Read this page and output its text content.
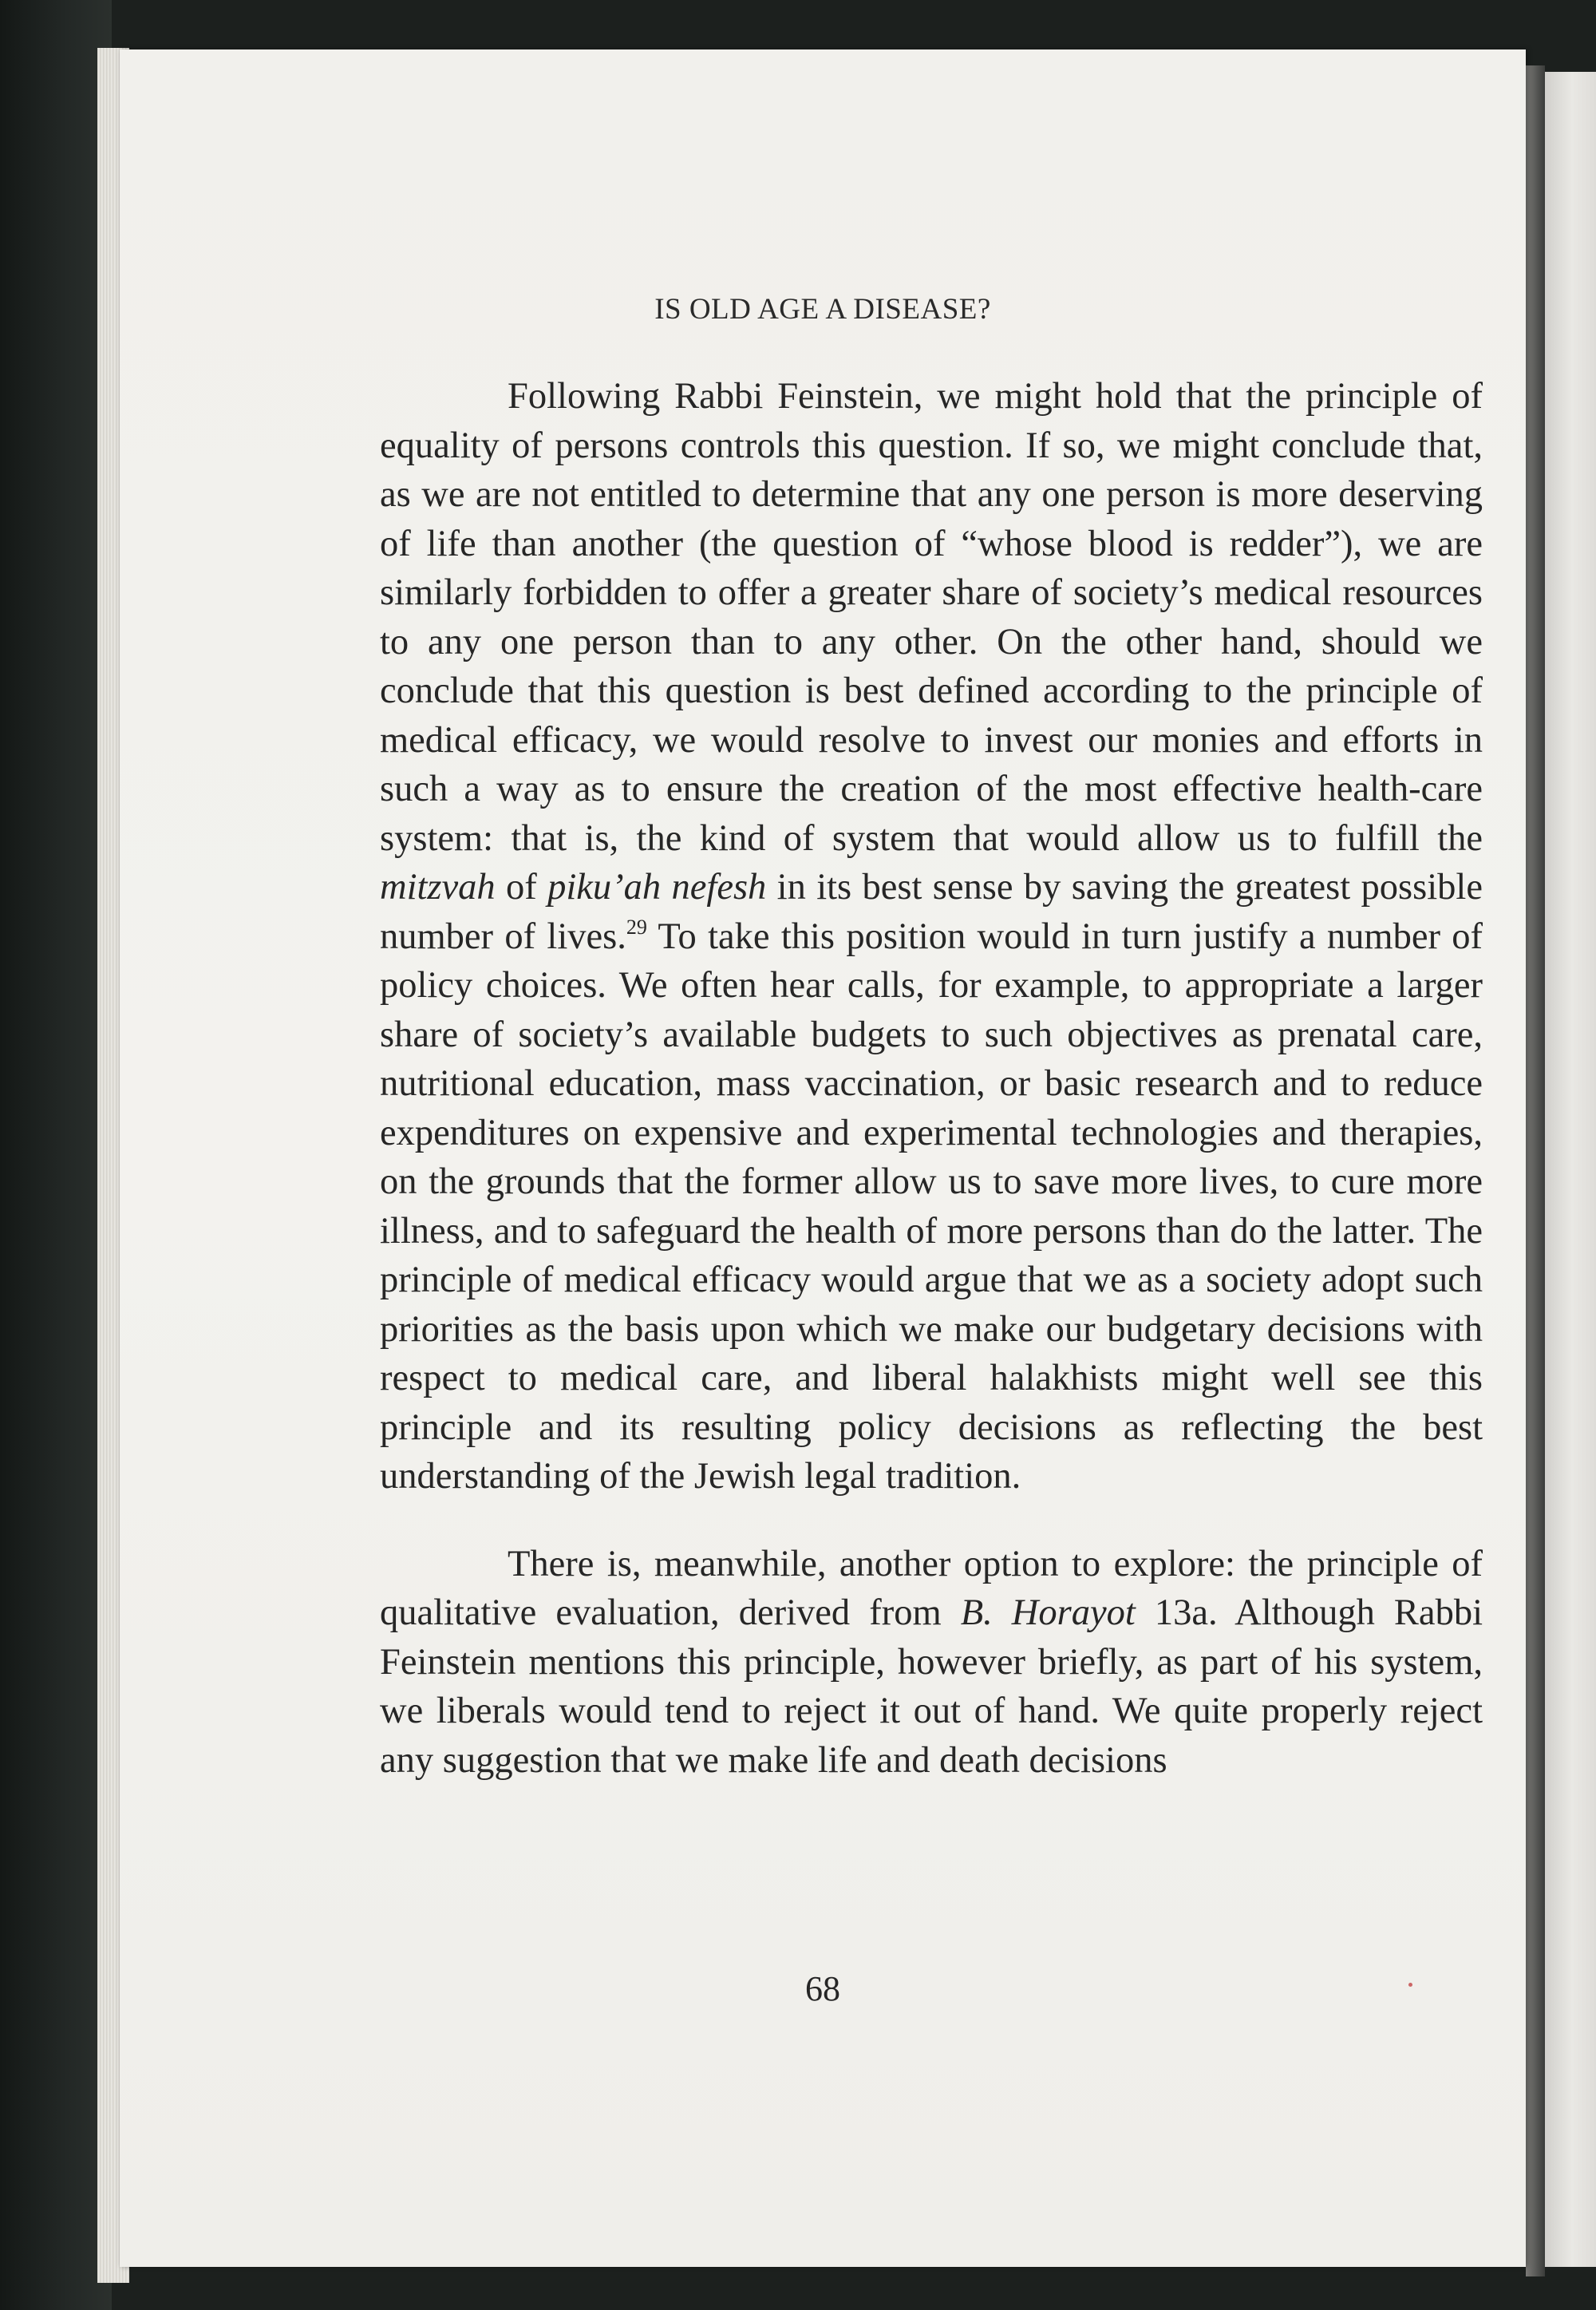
IS OLD AGE A DISEASE?

Following Rabbi Feinstein, we might hold that the principle of equality of persons controls this question. If so, we might conclude that, as we are not entitled to determine that any one person is more deserving of life than another (the question of “whose blood is redder”), we are similarly forbidden to offer a greater share of society’s medical resources to any one person than to any other. On the other hand, should we conclude that this question is best defined according to the principle of medical efficacy, we would resolve to invest our monies and efforts in such a way as to ensure the creation of the most effective health-care system: that is, the kind of system that would allow us to fulfill the mitzvah of piku’ah nefesh in its best sense by saving the greatest possible number of lives.$^{29}$ To take this position would in turn justify a number of policy choices. We often hear calls, for example, to appropriate a larger share of society’s available budgets to such objectives as prenatal care, nutritional education, mass vaccination, or basic research and to reduce expenditures on expensive and experimental technologies and therapies, on the grounds that the former allow us to save more lives, to cure more illness, and to safeguard the health of more persons than do the latter. The principle of medical efficacy would argue that we as a society adopt such priorities as the basis upon which we make our budgetary decisions with respect to medical care, and liberal halakhists might well see this principle and its resulting policy decisions as reflecting the best understanding of the Jewish legal tradition.

There is, meanwhile, another option to explore: the principle of qualitative evaluation, derived from B. Horayot 13a. Although Rabbi Feinstein mentions this principle, however briefly, as part of his system, we liberals would tend to reject it out of hand. We quite properly reject any suggestion that we make life and death decisions

68
